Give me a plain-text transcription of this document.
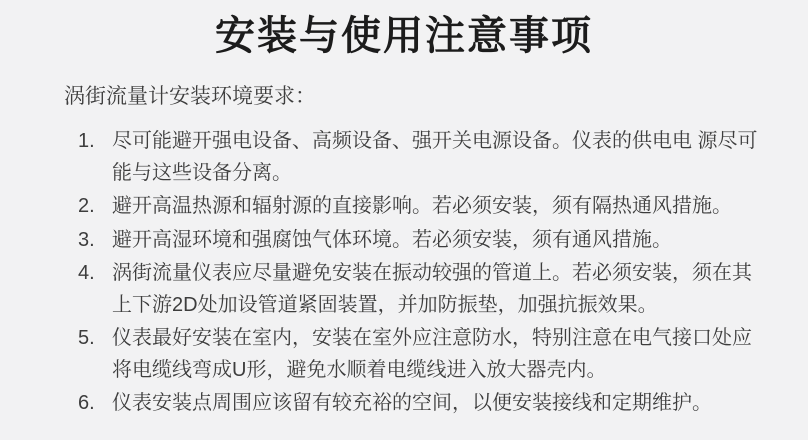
安装与使用注意事项
涡街流量计安装环境要求：
1. 尽可能避开强电设备、高频设备、强开关电源设备。仪表的供电电 源尽可能与这些设备分离。
2. 避开高温热源和辐射源的直接影响。若必须安装，须有隔热通风措施。
3. 避开高湿环境和强腐蚀气体环境。若必须安装，须有通风措施。
4. 涡街流量仪表应尽量避免安装在振动较强的管道上。若必须安装，须在其上下游2D处加设管道紧固装置，并加防振垫，加强抗振效果。
5. 仪表最好安装在室内，安装在室外应注意防水，特别注意在电气接口处应将电缆线弯成U形，避免水顺着电缆线进入放大器壳内。
6. 仪表安装点周围应该留有较充裕的空间，以便安装接线和定期维护。
